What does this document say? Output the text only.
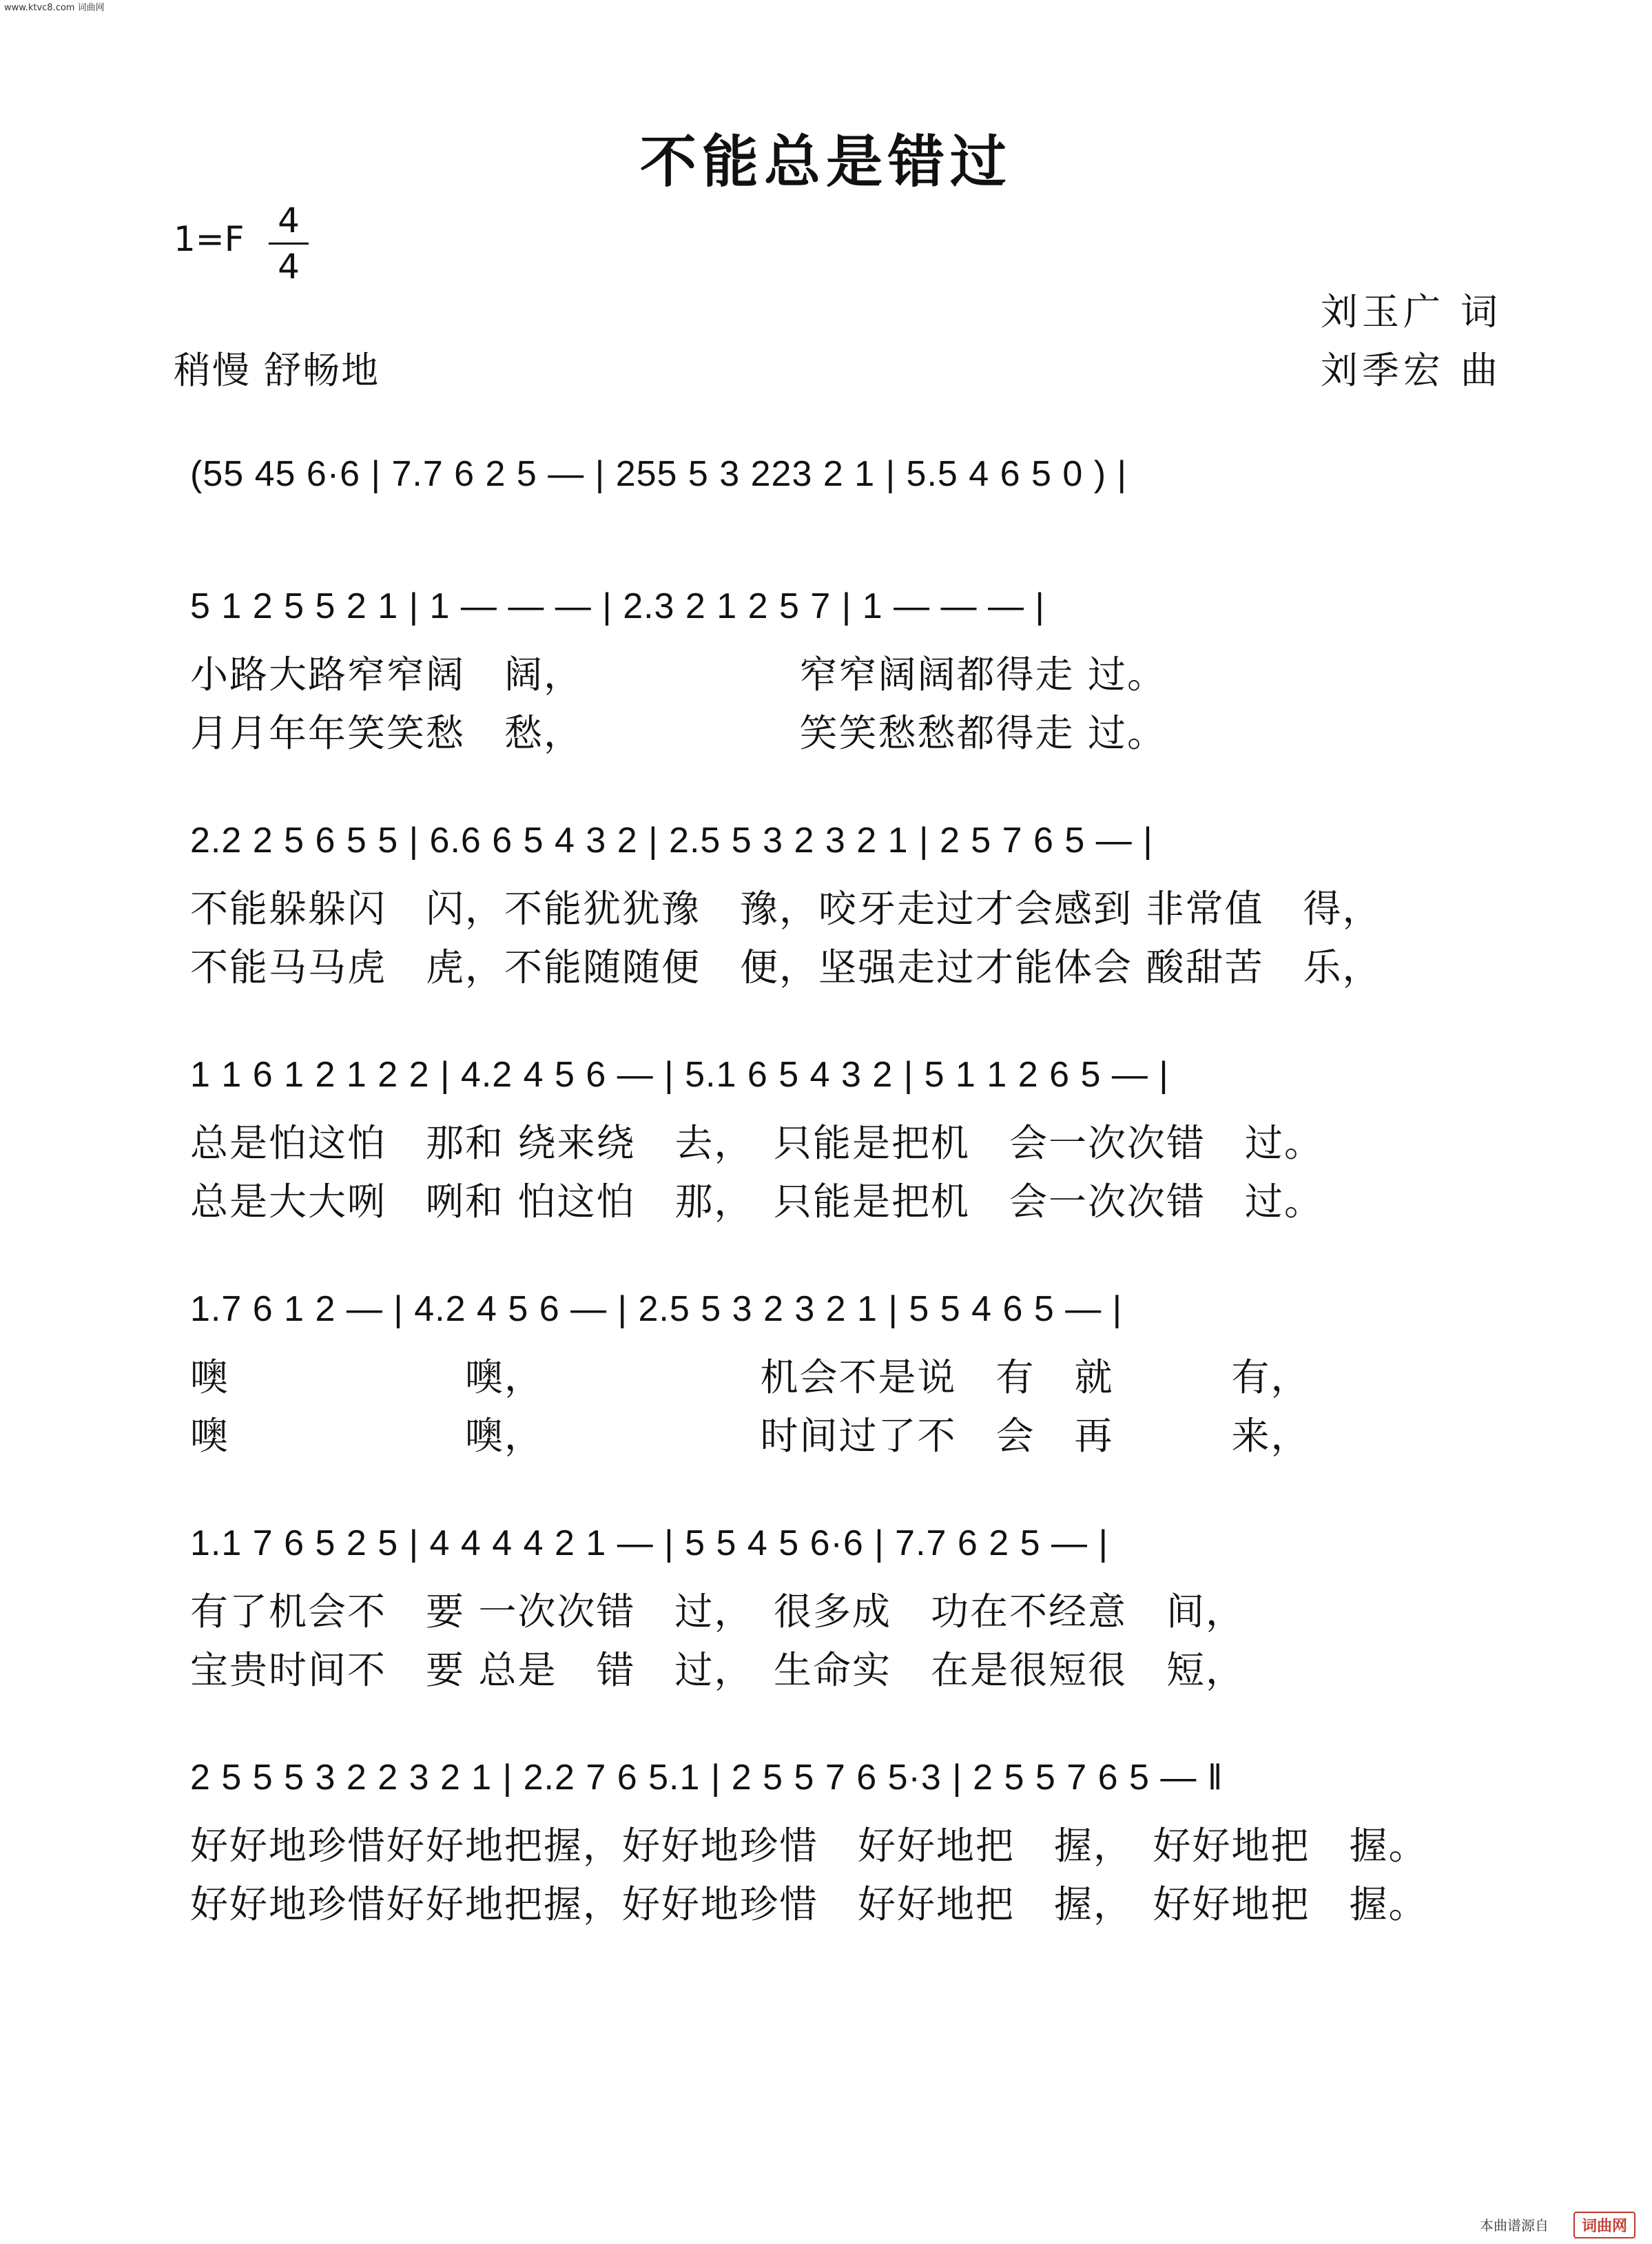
www.ktvc8.com 词曲网
不能总是错过
1=F 4
4
刘玉广 词
刘季宏 曲
稍慢 舒畅地
(55 45 6·6 | 7.7 6 2 5 — | 255 5 3 223 2 1 | 5.5 4 6 5 0 ) |
5 1 2 5 5 2 1 | 1 — — — | 2.3 2 1 2 5 7 | 1 — — — |
小路大路窄窄阔　阔，　　　　　　窄窄阔阔都得走 过。
月月年年笑笑愁　愁，　　　　　　笑笑愁愁都得走 过。
2.2 2 5 6 5 5 | 6.6 6 5 4 3 2 | 2.5 5 3 2 3 2 1 | 2 5 7 6 5 — |
不能躲躲闪　闪，不能犹犹豫　豫，咬牙走过才会感到 非常值　得，
不能马马虎　虎，不能随随便　便，坚强走过才能体会 酸甜苦　乐，
1 1 6 1 2 1 2 2 | 4.2 4 5 6 — | 5.1 6 5 4 3 2 | 5 1 1 2 6 5 — |
总是怕这怕　那和 绕来绕　去，　只能是把机　会一次次错　过。
总是大大咧　咧和 怕这怕　那，　只能是把机　会一次次错　过。
1.7 6 1 2 — | 4.2 4 5 6 — | 2.5 5 3 2 3 2 1 | 5 5 4 6 5 — |
噢　　　　　　噢，　　　　　　机会不是说　有　就　　　有，
噢　　　　　　噢，　　　　　　时间过了不　会　再　　　来，
1.1 7 6 5 2 5 | 4 4 4 4 2 1 — | 5 5 4 5 6·6 | 7.7 6 2 5 — |
有了机会不　要 一次次错　过，　很多成　功在不经意　间，
宝贵时间不　要 总是　错　过，　生命实　在是很短很　短，
2 5 5 5 3 2 2 3 2 1 | 2.2 7 6 5.1 | 2 5 5 7 6 5·3 | 2 5 5 7 6 5 — ‖
好好地珍惜好好地把握，好好地珍惜　好好地把　握，　好好地把　握。
好好地珍惜好好地把握，好好地珍惜　好好地把　握，　好好地把　握。
本曲谱源自	词曲网
